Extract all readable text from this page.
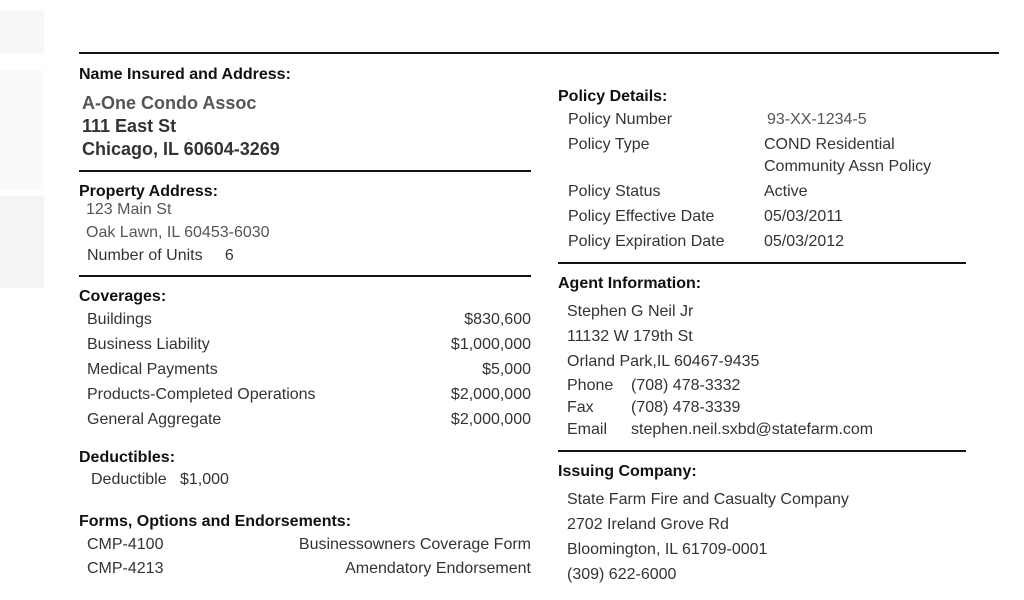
Name Insured and Address:
A-One Condo Assoc
111 East St
Chicago, IL 60604-3269
Property Address:
123 Main St
Oak Lawn, IL 60453-6030
Number of Units 6
Coverages:
Buildings	$830,600
Business Liability	$1,000,000
Medical Payments	$5,000
Products-Completed Operations	$2,000,000
General Aggregate	$2,000,000
Deductibles:
Deductible $1,000
Forms, Options and Endorsements:
CMP-4100	Businessowners Coverage Form
CMP-4213	Amendatory Endorsement
Policy Details:
Policy Number	93-XX-1234-5
Policy Type	COND Residential
Community Assn Policy
Policy Status	Active
Policy Effective Date	05/03/2011
Policy Expiration Date	05/03/2012
Agent Information:
Stephen G Neil Jr
11132 W 179th St
Orland Park,IL 60467-9435
Phone	(708) 478-3332
Fax	(708) 478-3339
Email	stephen.neil.sxbd@statefarm.com
Issuing Company:
State Farm Fire and Casualty Company
2702 Ireland Grove Rd
Bloomington, IL 61709-0001
(309) 622-6000
